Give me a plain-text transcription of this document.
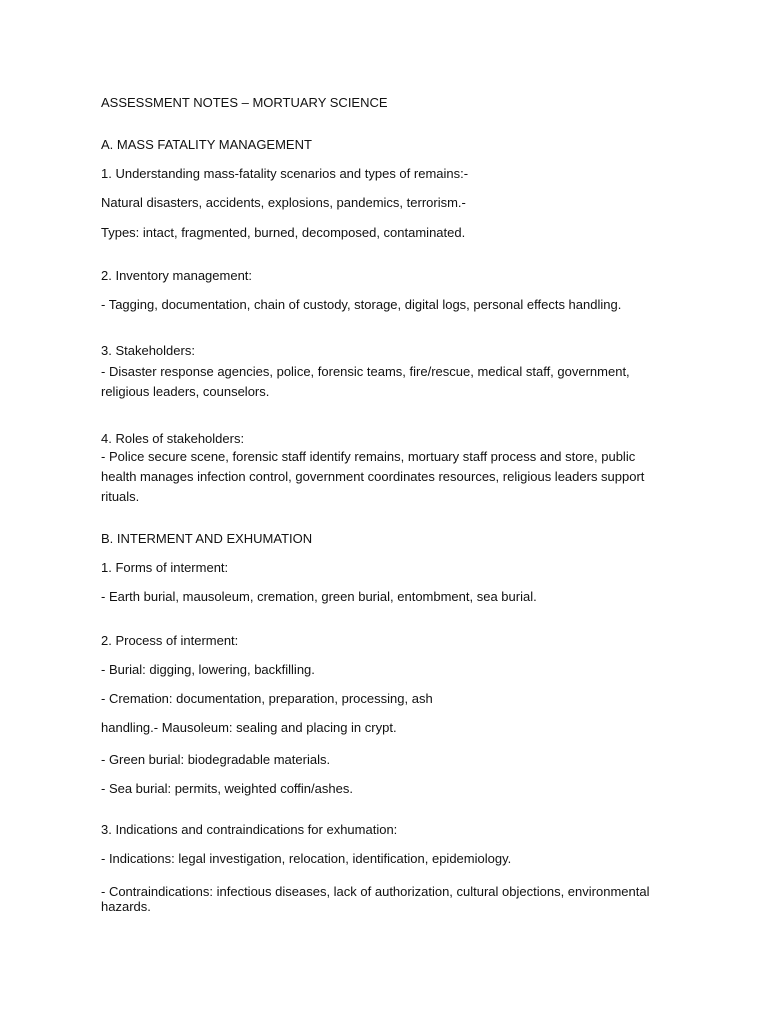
ASSESSMENT NOTES – MORTUARY SCIENCE
A. MASS FATALITY MANAGEMENT
1. Understanding mass-fatality scenarios and types of remains:-
Natural disasters, accidents, explosions, pandemics, terrorism.-
Types: intact, fragmented, burned, decomposed, contaminated.
2. Inventory management:
- Tagging, documentation, chain of custody, storage, digital logs, personal effects handling.
3. Stakeholders:
- Disaster response agencies, police, forensic teams, fire/rescue, medical staff, government, religious leaders, counselors.
4. Roles of stakeholders:
- Police secure scene, forensic staff identify remains, mortuary staff process and store, public health manages infection control, government coordinates resources, religious leaders support rituals.
B. INTERMENT AND EXHUMATION
1. Forms of interment:
- Earth burial, mausoleum, cremation, green burial, entombment, sea burial.
2. Process of interment:
- Burial: digging, lowering, backfilling.
- Cremation: documentation, preparation, processing, ash
handling.- Mausoleum: sealing and placing in crypt.
- Green burial: biodegradable materials.
- Sea burial: permits, weighted coffin/ashes.
3. Indications and contraindications for exhumation:
- Indications: legal investigation, relocation, identification, epidemiology.
- Contraindications: infectious diseases, lack of authorization, cultural objections, environmental hazards.
